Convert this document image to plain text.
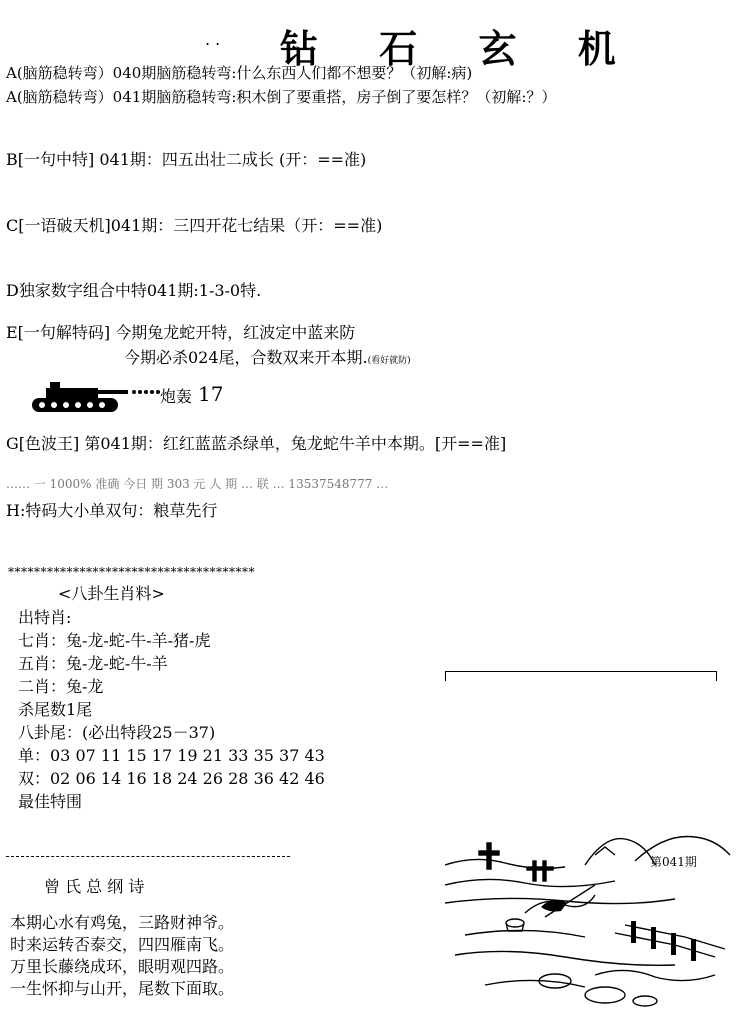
. . 钻 石 玄 机
A(脑筋稳转弯）040期脑筋稳转弯:什么东西人们都不想要？（初解:病)
A(脑筋稳转弯）041期脑筋稳转弯:积木倒了要重搭，房子倒了要怎样？（初解:？）
B[一句中特] 041期：四五出壮二成长 (开：==准)
C[一语破天机]041期：三四开花七结果（开：==准)
D独家数字组合中特041期:1-3-0特.
E[一句解特码] 今期兔龙蛇开特，红波定中蓝来防
今期必杀024尾，合数双来开本期.(看好就防)
炮轰 17
G[色波王] 第041期：红红蓝蓝杀绿单，兔龙蛇牛羊中本期。[开==准]
…… 一 1000% 准确 今日 期 303 元 人 期 … 联 … 13537548777 …
H:特码大小单双句：粮草先行
**************************************
<八卦生肖料>
出特肖:
七肖：兔-龙-蛇-牛-羊-猪-虎
五肖：兔-龙-蛇-牛-羊
二肖：兔-龙
杀尾数1尾
八卦尾：(必出特段25－37)
单：03 07 11 15 17 19 21 33 35 37 43
双：02 06 14 16 18 24 26 28 36 42 46
最佳特围
曾 氏 总 纲 诗
本期心水有鸡兔，三路财神爷。
时来运转否泰交，四四雁南飞。
万里长藤绕成环，眼明观四路。
一生怀抑与山开，尾数下面取。
第041期
